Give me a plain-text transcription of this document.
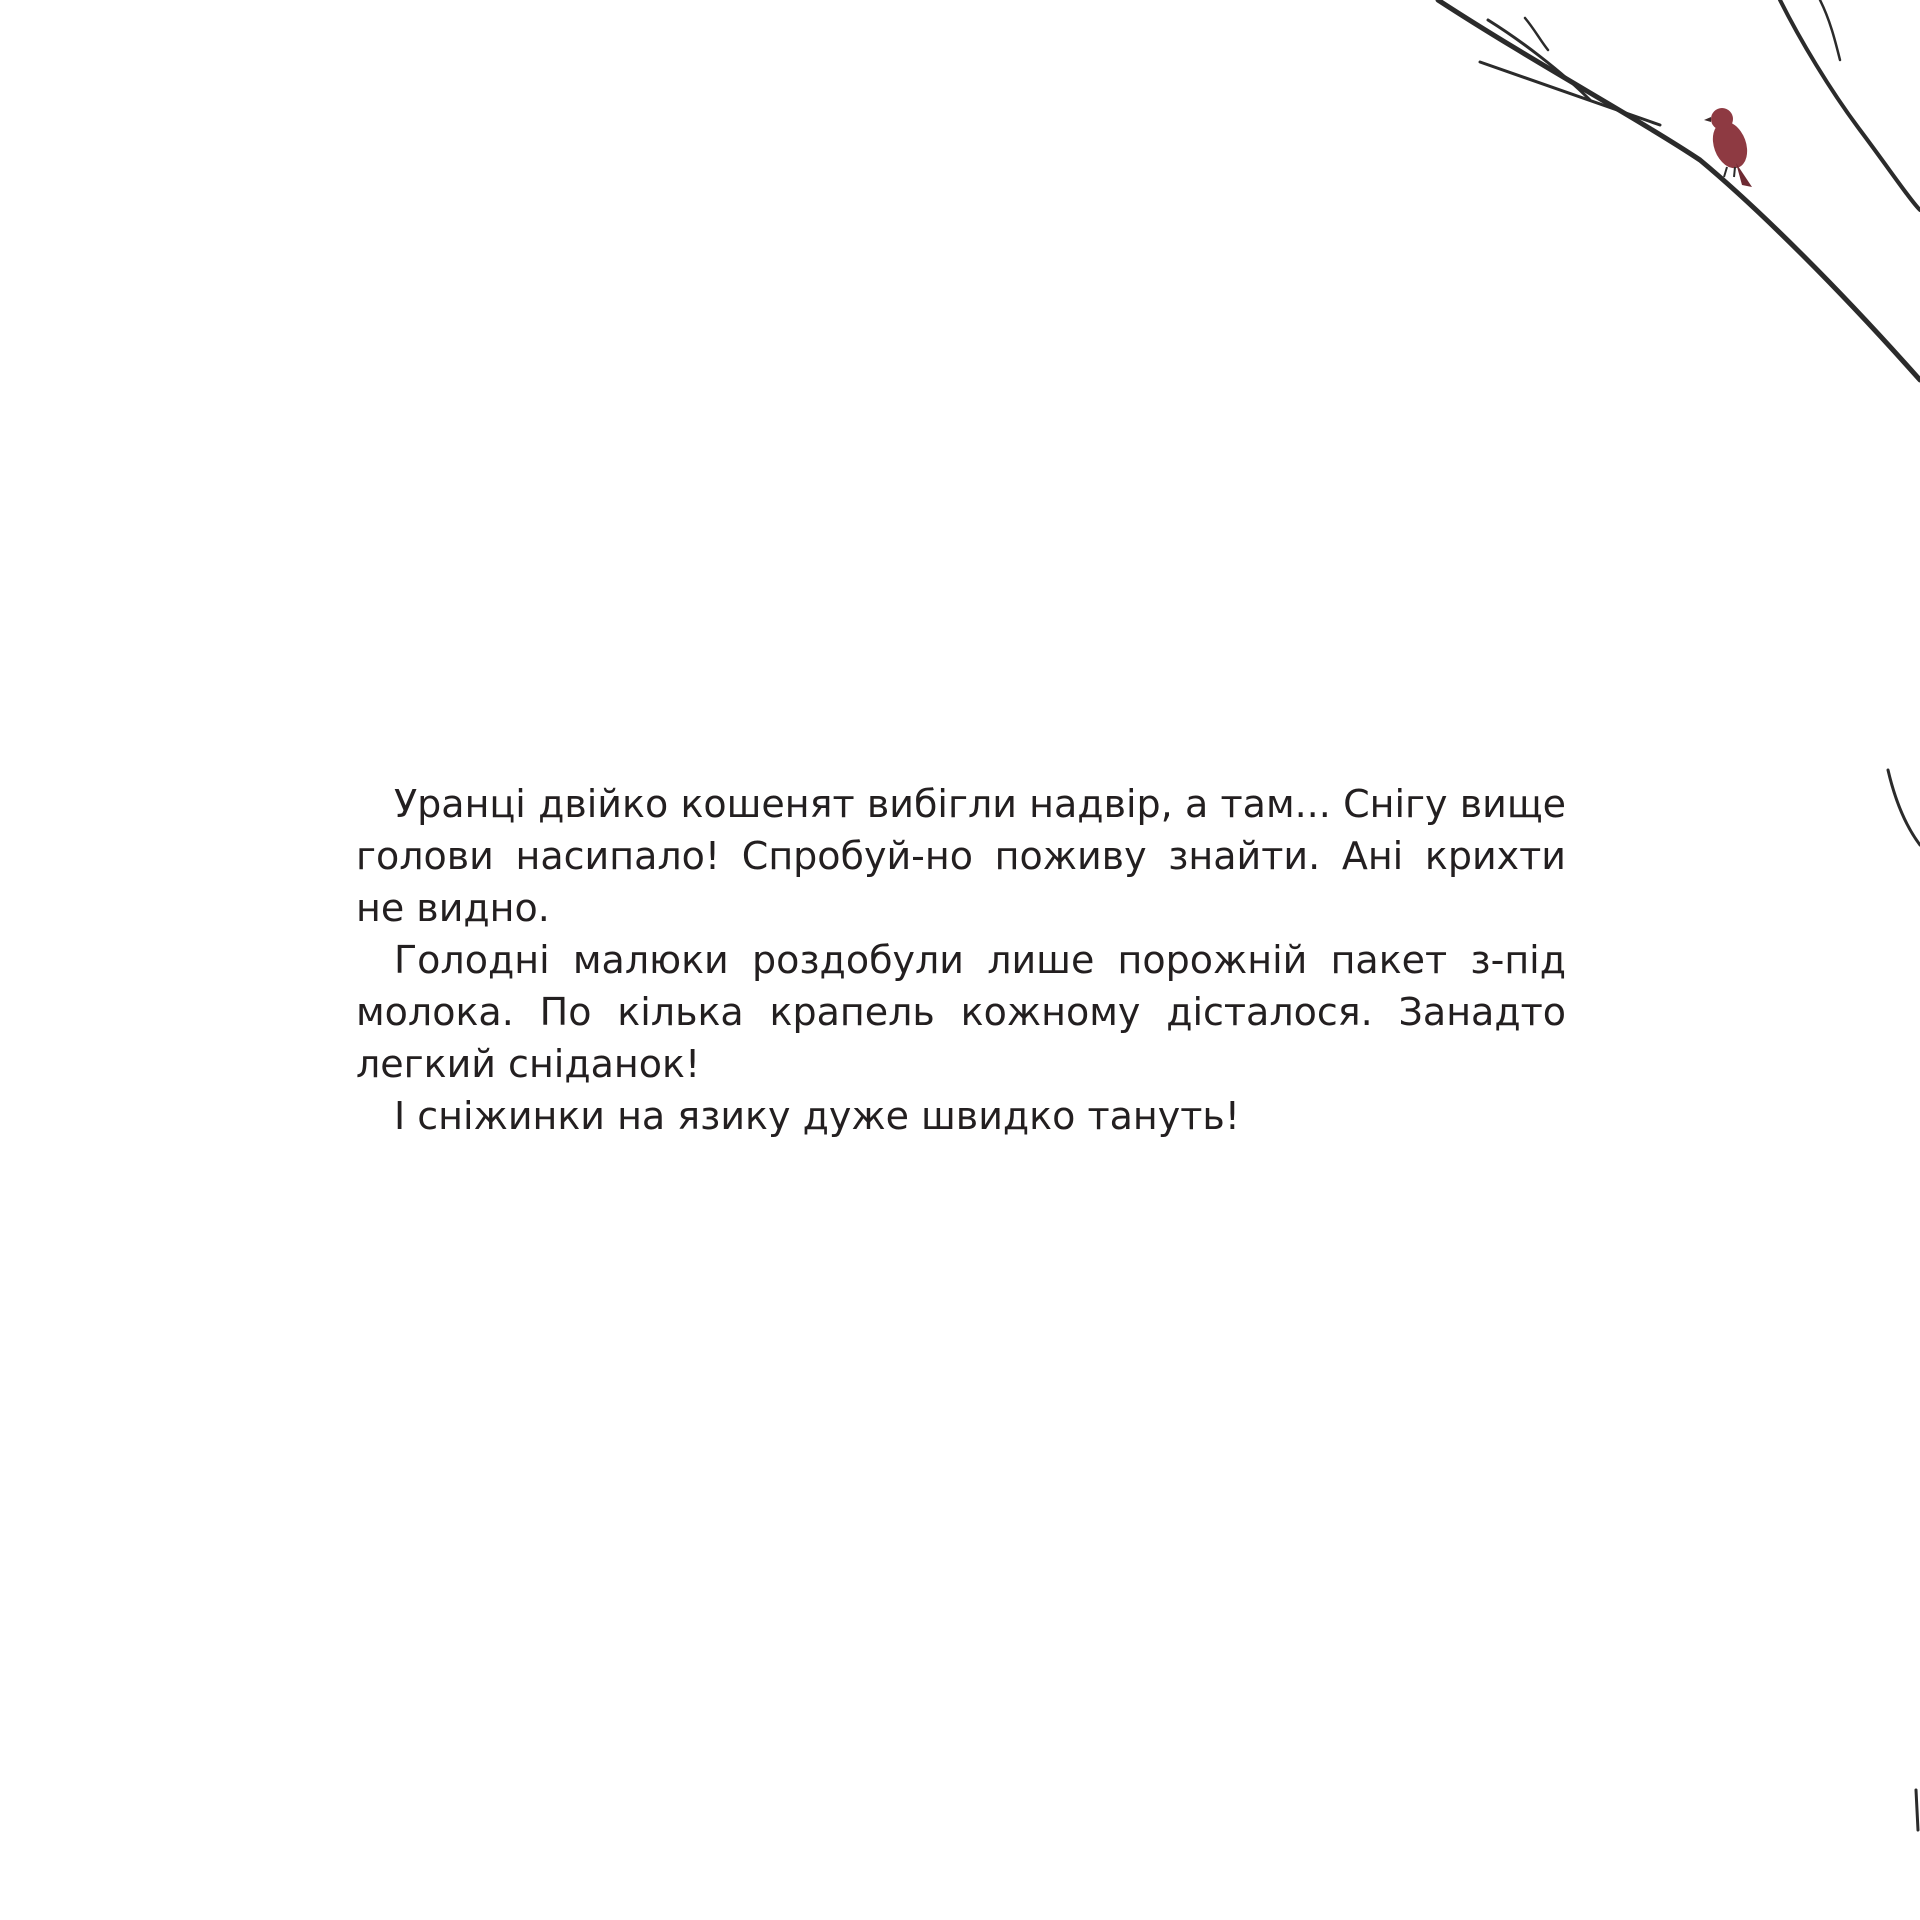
Уранці двійко кошенят вибігли надвір, а там... Снігу вище голови насипало! Спробуй-но поживу знайти. Ані крихти не видно.

Голодні малюки роздобули лише порожній пакет з-під молока. По кілька крапель кожному дісталося. Занадто легкий сніданок!

І сніжинки на язику дуже швидко тануть!
